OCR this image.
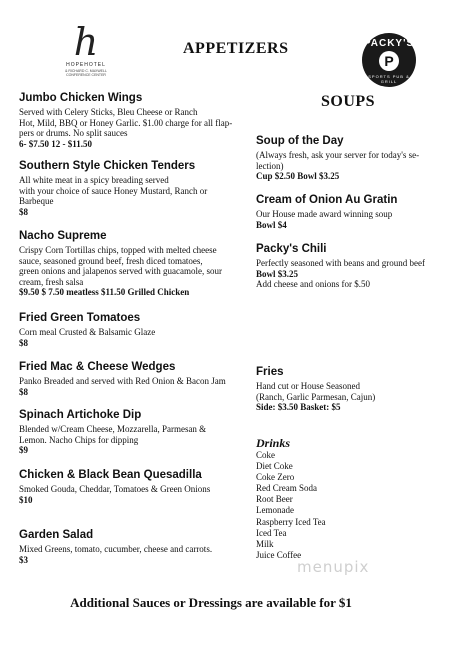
h
HOPEHOTEL
& RICHARD C. MAXWELL CONFERENCE CENTER
PACKY'S
P
SPORTS PUB & GRILL
APPETIZERS
SOUPS
Jumbo Chicken Wings
Served with Celery Sticks, Bleu Cheese or Ranch
Hot, Mild, BBQ or Honey Garlic. $1.00 charge for all flap-
pers or drums. No split sauces
6- $7.50 12 - $11.50
Southern Style Chicken Tenders
All white meat in a spicy breading served
with your choice of sauce Honey Mustard, Ranch or
Barbeque
$8
Nacho Supreme
Crispy Corn Tortillas chips, topped with melted cheese
sauce, seasoned ground beef, fresh diced tomatoes,
green onions and jalapenos served with guacamole, sour
cream, fresh salsa
$9.50 $ 7.50 meatless $11.50 Grilled Chicken
Fried Green Tomatoes
Corn meal Crusted & Balsamic Glaze
$8
Fried Mac & Cheese Wedges
Panko Breaded and served with Red Onion & Bacon Jam
$8
Spinach Artichoke Dip
Blended w/Cream Cheese, Mozzarella, Parmesan &
Lemon. Nacho Chips for dipping
$9
Chicken & Black Bean Quesadilla
Smoked Gouda, Cheddar, Tomatoes & Green Onions
$10
Garden Salad
Mixed Greens, tomato, cucumber, cheese and carrots.
$3
Soup of the Day
(Always fresh, ask your server for today's se-
lection)
Cup $2.50 Bowl $3.25
Cream of Onion Au Gratin
Our House made award winning soup
Bowl $4
Packy's Chili
Perfectly seasoned with beans and ground beef
Bowl $3.25
Add cheese and onions for $.50
Fries
Hand cut or House Seasoned
(Ranch, Garlic Parmesan, Cajun)
Side: $3.50 Basket: $5
Drinks
Coke
Diet Coke
Coke Zero
Red Cream Soda
Root Beer
Lemonade
Raspberry Iced Tea
Iced Tea
Milk
Juice Coffee
menupix
Additional Sauces or Dressings are available for $1
